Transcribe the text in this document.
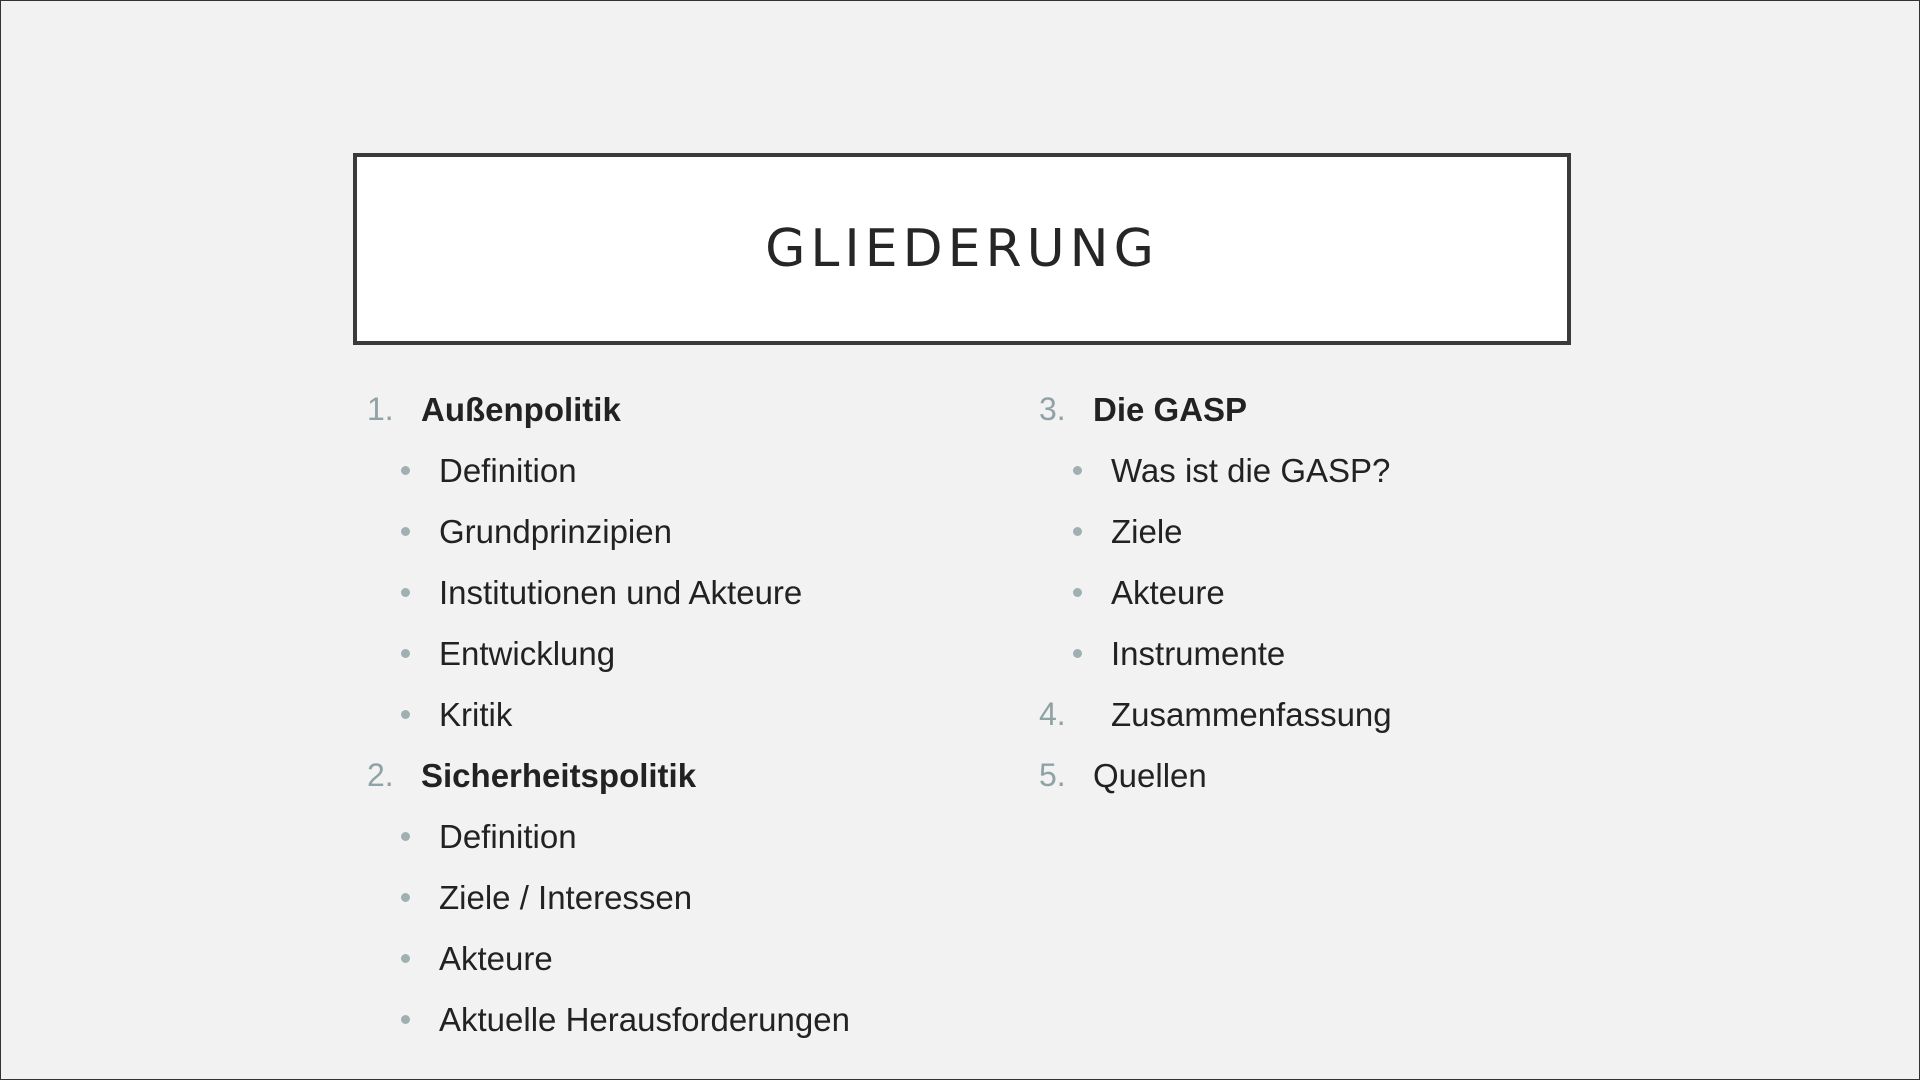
GLIEDERUNG
1. Außenpolitik
Definition
Grundprinzipien
Institutionen und Akteure
Entwicklung
Kritik
2. Sicherheitspolitik
Definition
Ziele / Interessen
Akteure
Aktuelle Herausforderungen
3. Die GASP
Was ist die GASP?
Ziele
Akteure
Instrumente
4. Zusammenfassung
5. Quellen
